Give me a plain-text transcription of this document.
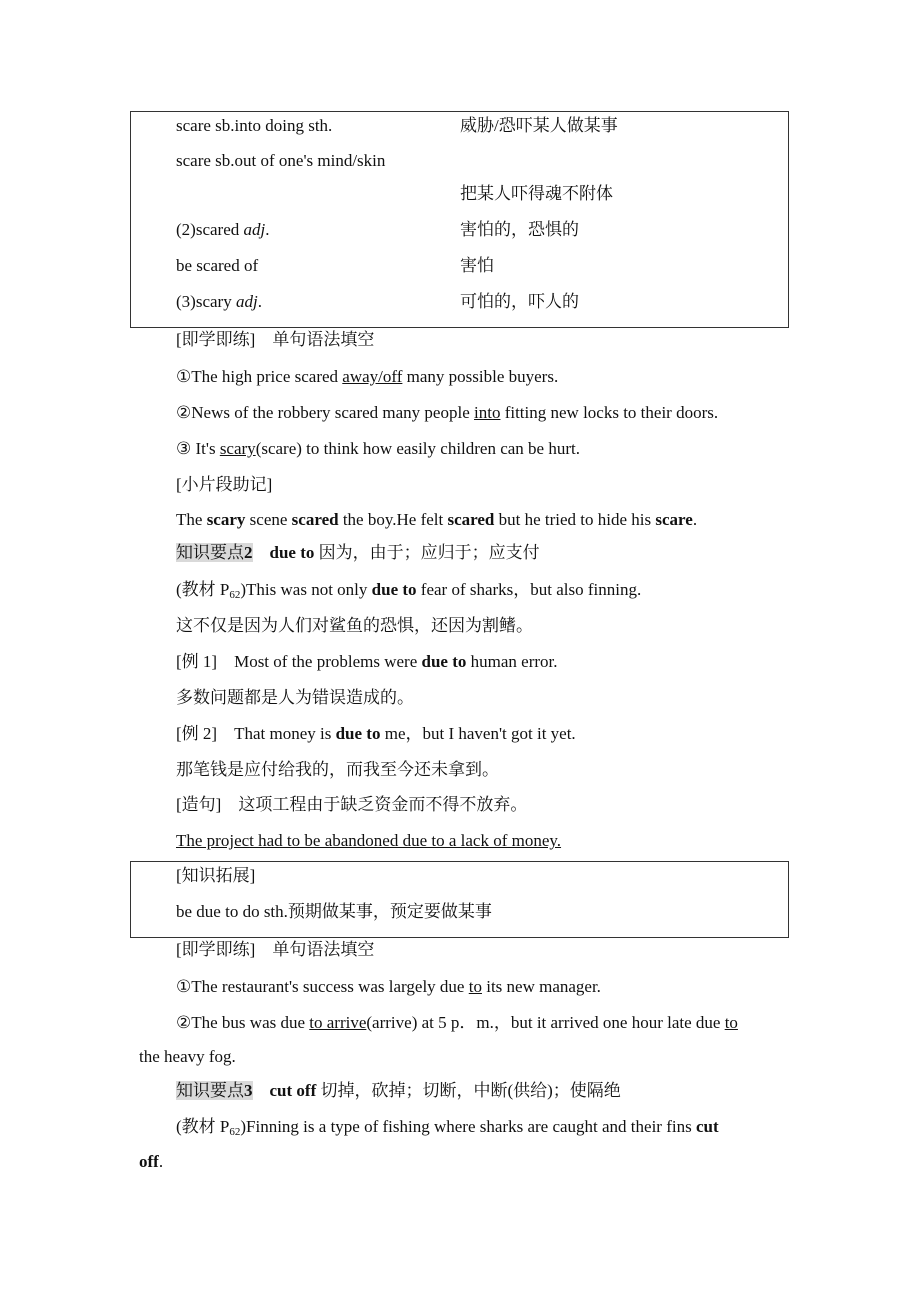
scare sb.into doing sth.	威胁/恐吓某人做某事
scare sb.out of one's mind/skin
把某人吓得魂不附体
(2)scared adj.	害怕的，恐惧的
be scared of	害怕
(3)scary adj.	可怕的，吓人的
[即学即练]　单句语法填空
①The high price scared away/off many possible buyers.
②News of the robbery scared many people into fitting new locks to their doors.
③ It's scary(scare) to think how easily children can be hurt.
[小片段助记]
The scary scene scared the boy.He felt scared but he tried to hide his scare.
知识要点2　 due to 因为，由于；应归于；应支付
(教材 $P_{62})This$ was not only due to fear of sharks，but also finning.
这不仅是因为人们对鲨鱼的恐惧，还因为割鳍。
[例 1]　Most of the problems were due to human error.
多数问题都是人为错误造成的。
[例 2]　That money is due to me，but I haven't got it yet.
那笔钱是应付给我的，而我至今还未拿到。
[造句]　这项工程由于缺乏资金而不得不放弃。
The project had to be abandoned due to a lack of money.
[知识拓展]
be due to do sth.预期做某事，预定要做某事
[即学即练]　单句语法填空
①The restaurant's success was largely due to its new manager.
②The bus was due to arrive(arrive) at 5 p．m.，but it arrived one hour late due to
the heavy fog.
知识要点3　 cut off 切掉，砍掉；切断，中断(供给)；使隔绝
(教材 $P_{62})Finning$ is a type of fishing where sharks are caught and their fins cut
off.
